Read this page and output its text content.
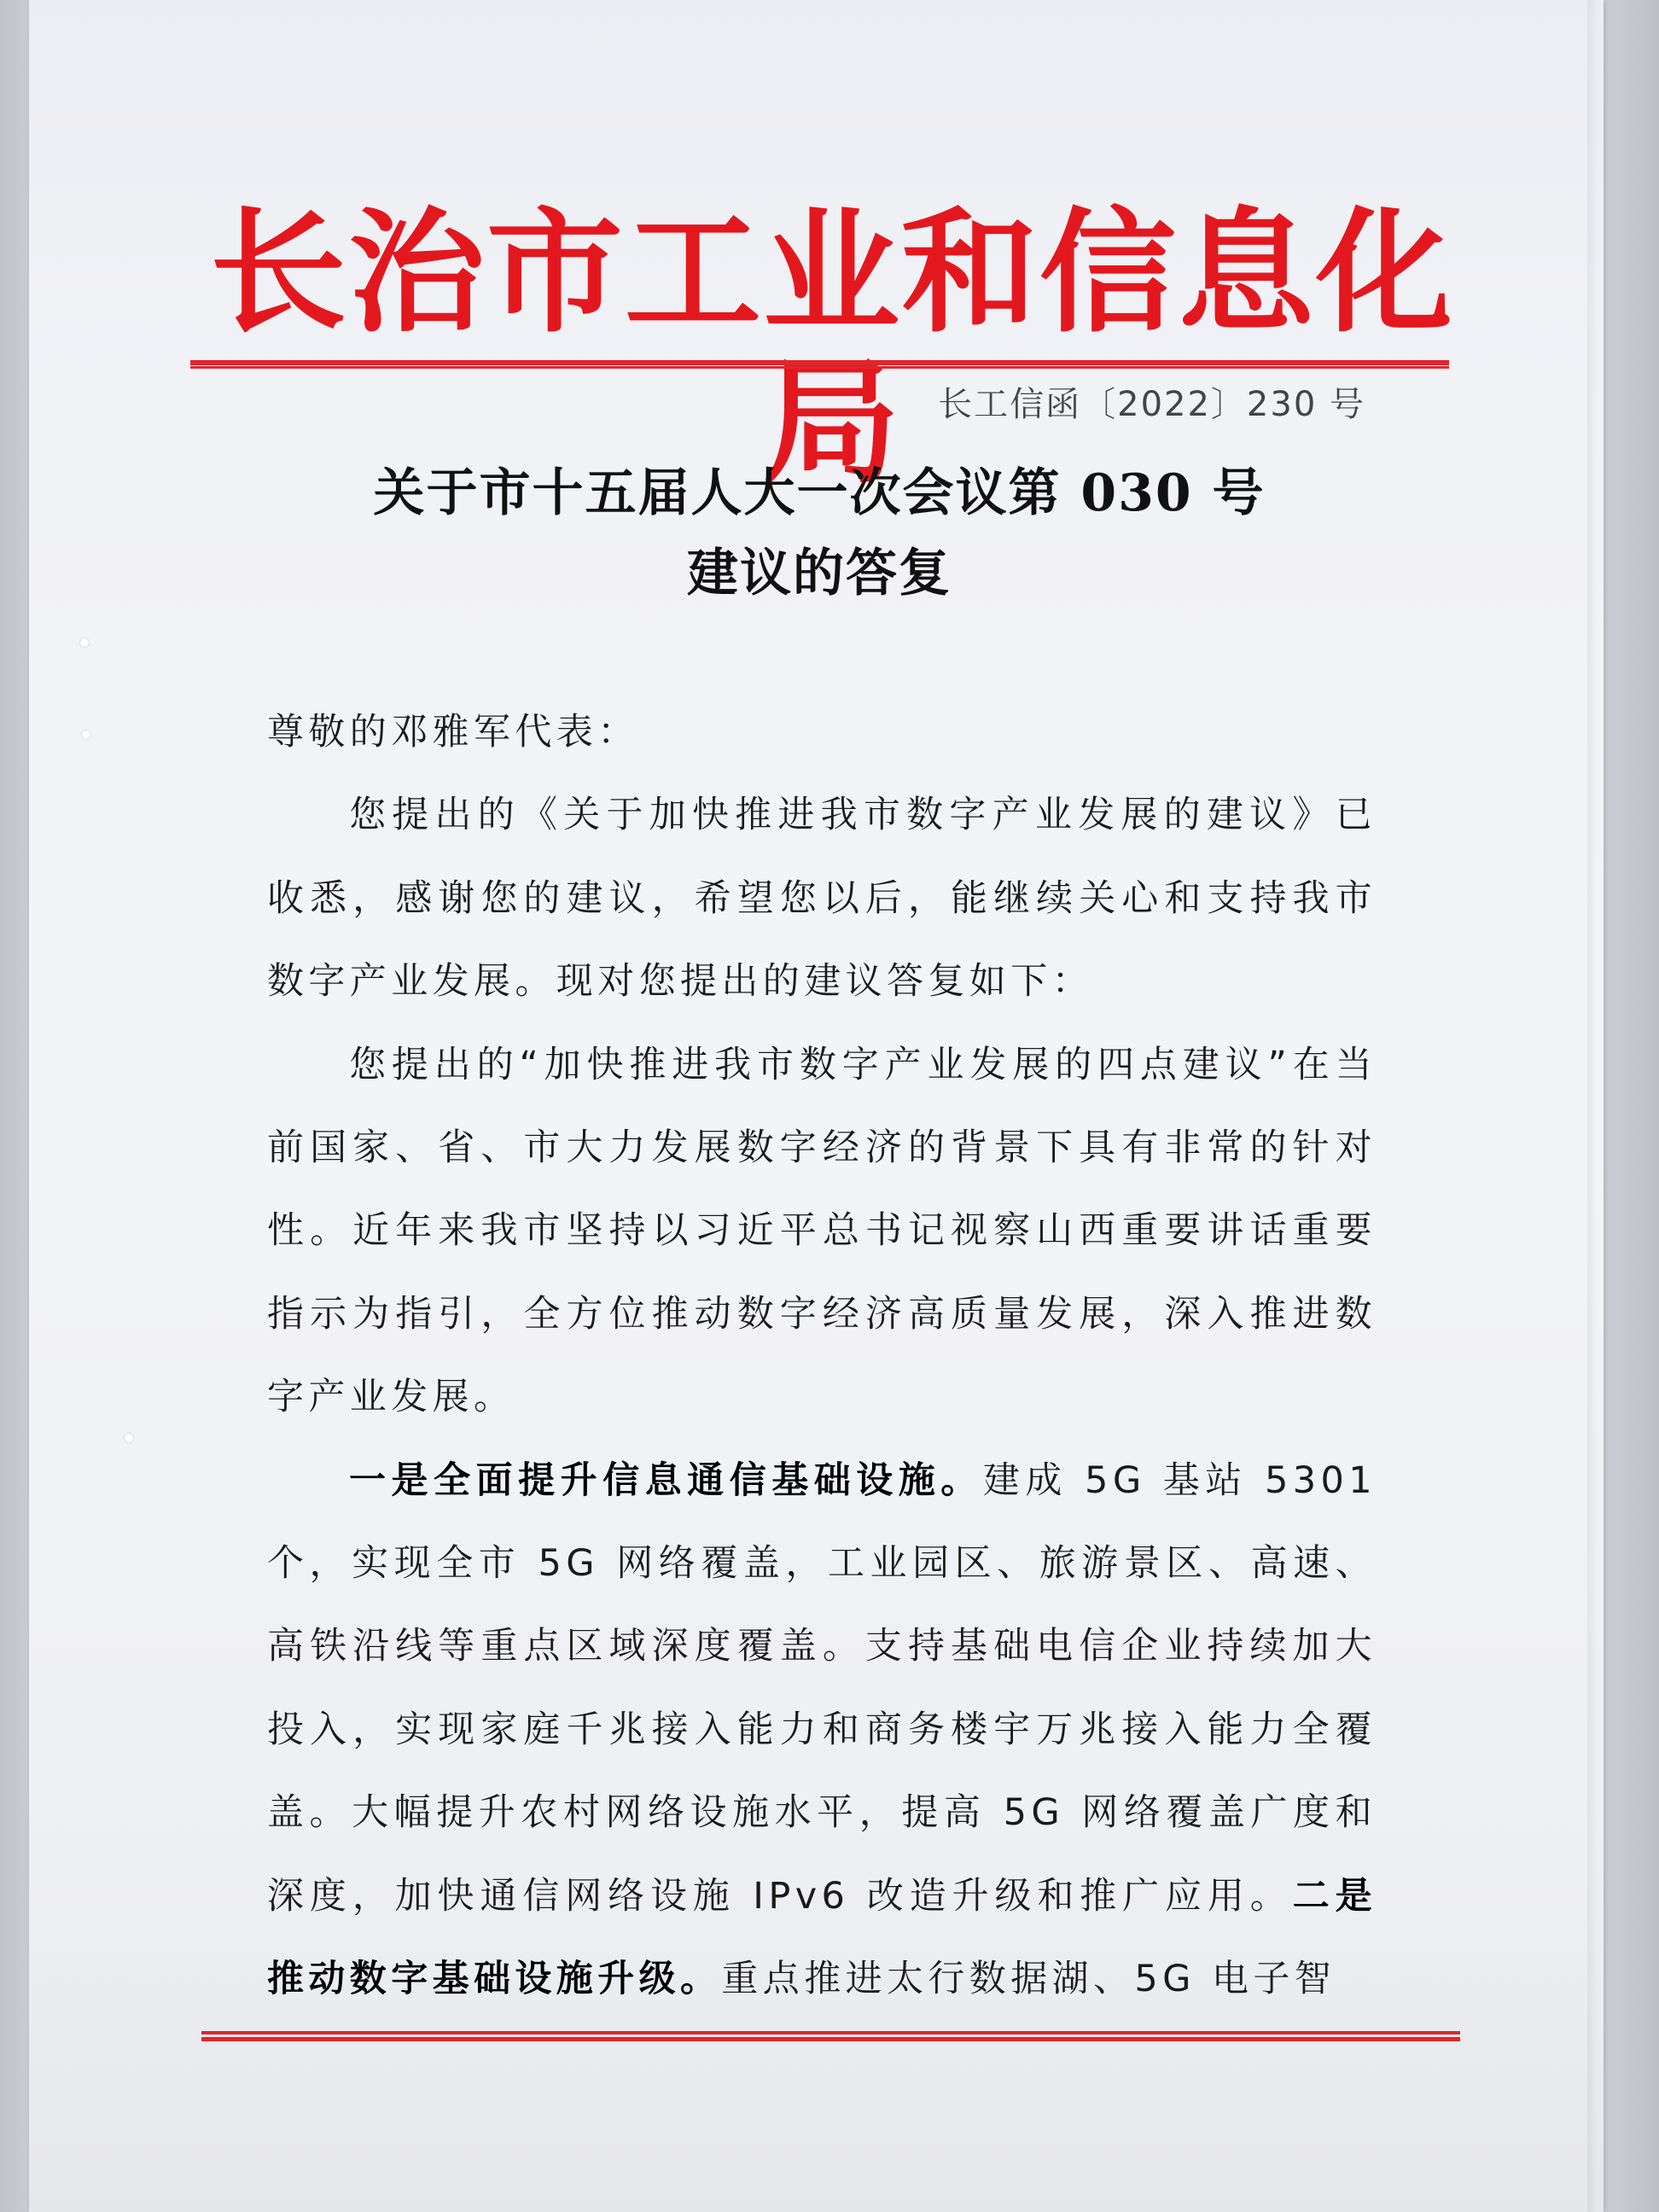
长治市工业和信息化局	长工信函〔2022〕230 号
关于市十五届人大一次会议第 030 号
建议的答复

尊敬的邓雅军代表：

您提出的《关于加快推进我市数字产业发展的建议》已收悉，感谢您的建议，希望您以后，能继续关心和支持我市数字产业发展。现对您提出的建议答复如下：

您提出的“加快推进我市数字产业发展的四点建议”在当前国家、省、市大力发展数字经济的背景下具有非常的针对性。近年来我市坚持以习近平总书记视察山西重要讲话重要指示为指引，全方位推动数字经济高质量发展，深入推进数字产业发展。

一是全面提升信息通信基础设施。建成 5G 基站 5301 个，实现全市 5G 网络覆盖，工业园区、旅游景区、高速、高铁沿线等重点区域深度覆盖。支持基础电信企业持续加大投入，实现家庭千兆接入能力和商务楼宇万兆接入能力全覆盖。大幅提升农村网络设施水平，提高 5G 网络覆盖广度和深度，加快通信网络设施 IPv6 改造升级和推广应用。二是推动数字基础设施升级。重点推进太行数据湖、5G 电子智
